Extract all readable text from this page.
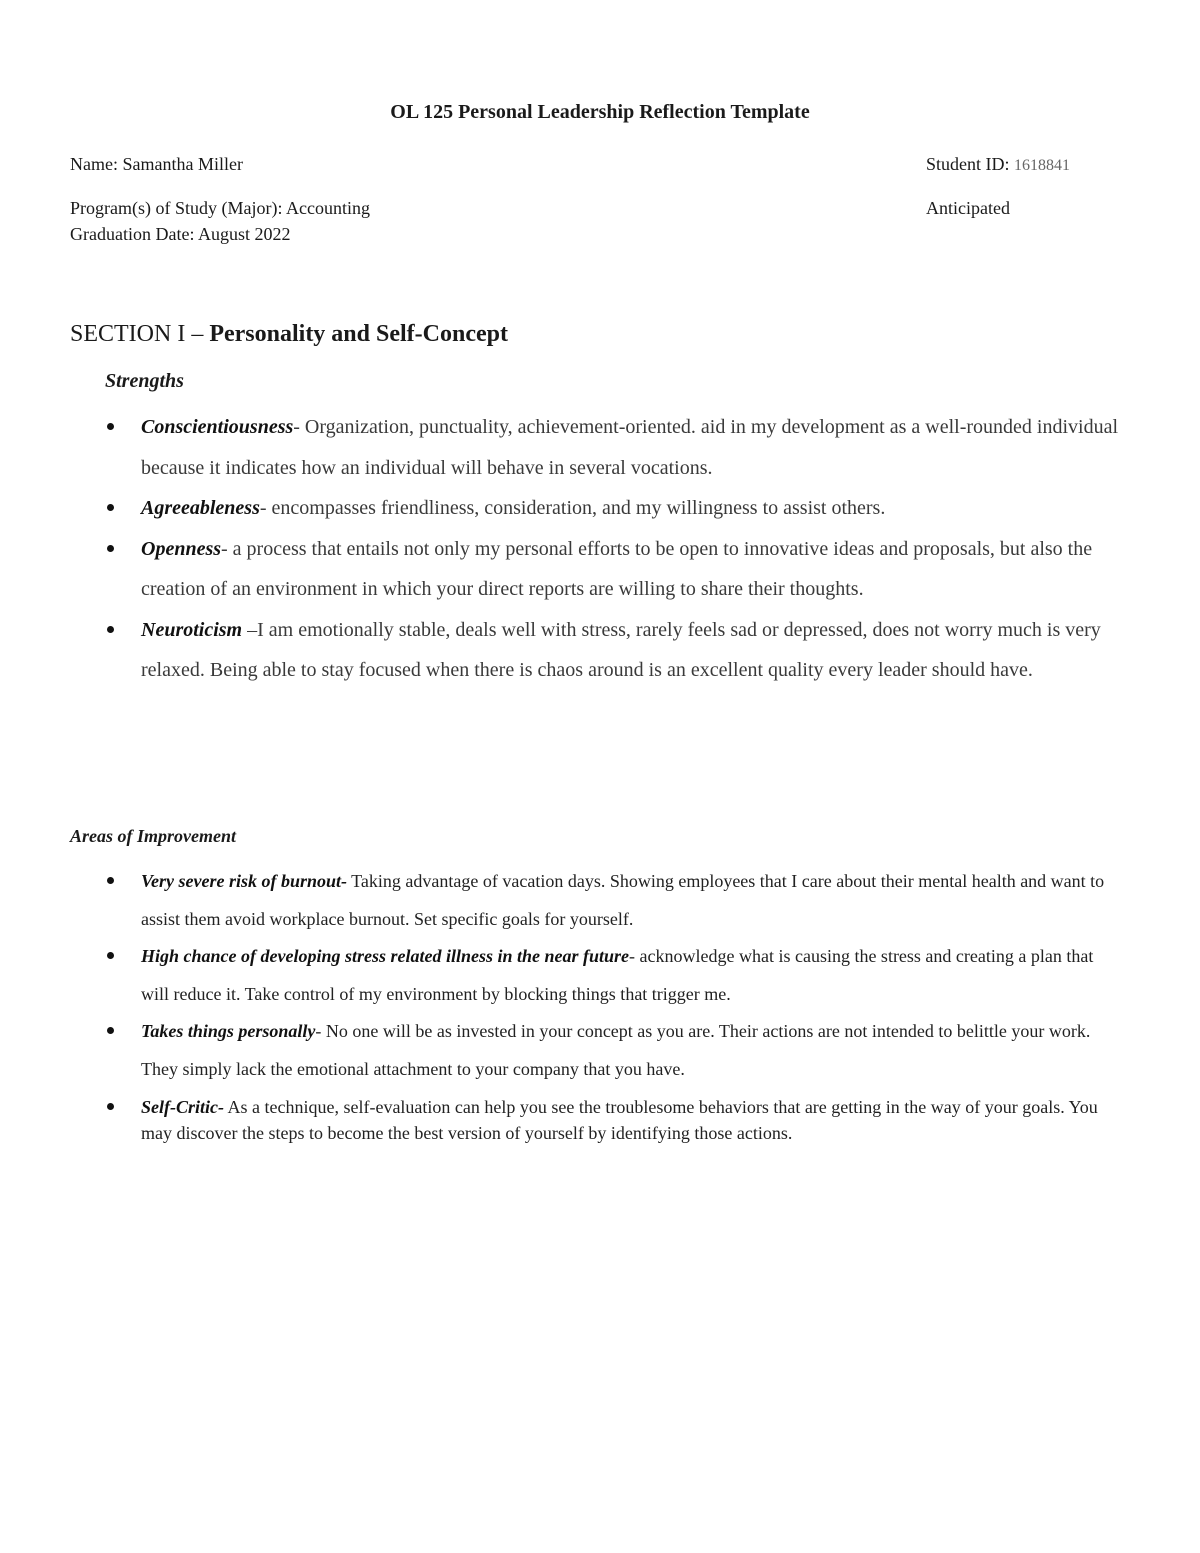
OL 125 Personal Leadership Reflection Template

Name: Samantha Miller	Student ID: 1618841

Program(s) of Study (Major): Accounting	Anticipated

Graduation Date: August 2022

SECTION I – Personality and Self-Concept

Strengths

Conscientiousness- Organization, punctuality, achievement-oriented. aid in my development as a well-rounded individual because it indicates how an individual will behave in several vocations.
Agreeableness- encompasses friendliness, consideration, and my willingness to assist others.
Openness- a process that entails not only my personal efforts to be open to innovative ideas and proposals, but also the creation of an environment in which your direct reports are willing to share their thoughts.
Neuroticism –I am emotionally stable, deals well with stress, rarely feels sad or depressed, does not worry much is very relaxed. Being able to stay focused when there is chaos around is an excellent quality every leader should have.

Areas of Improvement

Very severe risk of burnout- Taking advantage of vacation days. Showing employees that I care about their mental health and want to assist them avoid workplace burnout. Set specific goals for yourself.
High chance of developing stress related illness in the near future- acknowledge what is causing the stress and creating a plan that will reduce it. Take control of my environment by blocking things that trigger me.
Takes things personally- No one will be as invested in your concept as you are. Their actions are not intended to belittle your work. They simply lack the emotional attachment to your company that you have.
Self-Critic- As a technique, self-evaluation can help you see the troublesome behaviors that are getting in the way of your goals. You may discover the steps to become the best version of yourself by identifying those actions.
